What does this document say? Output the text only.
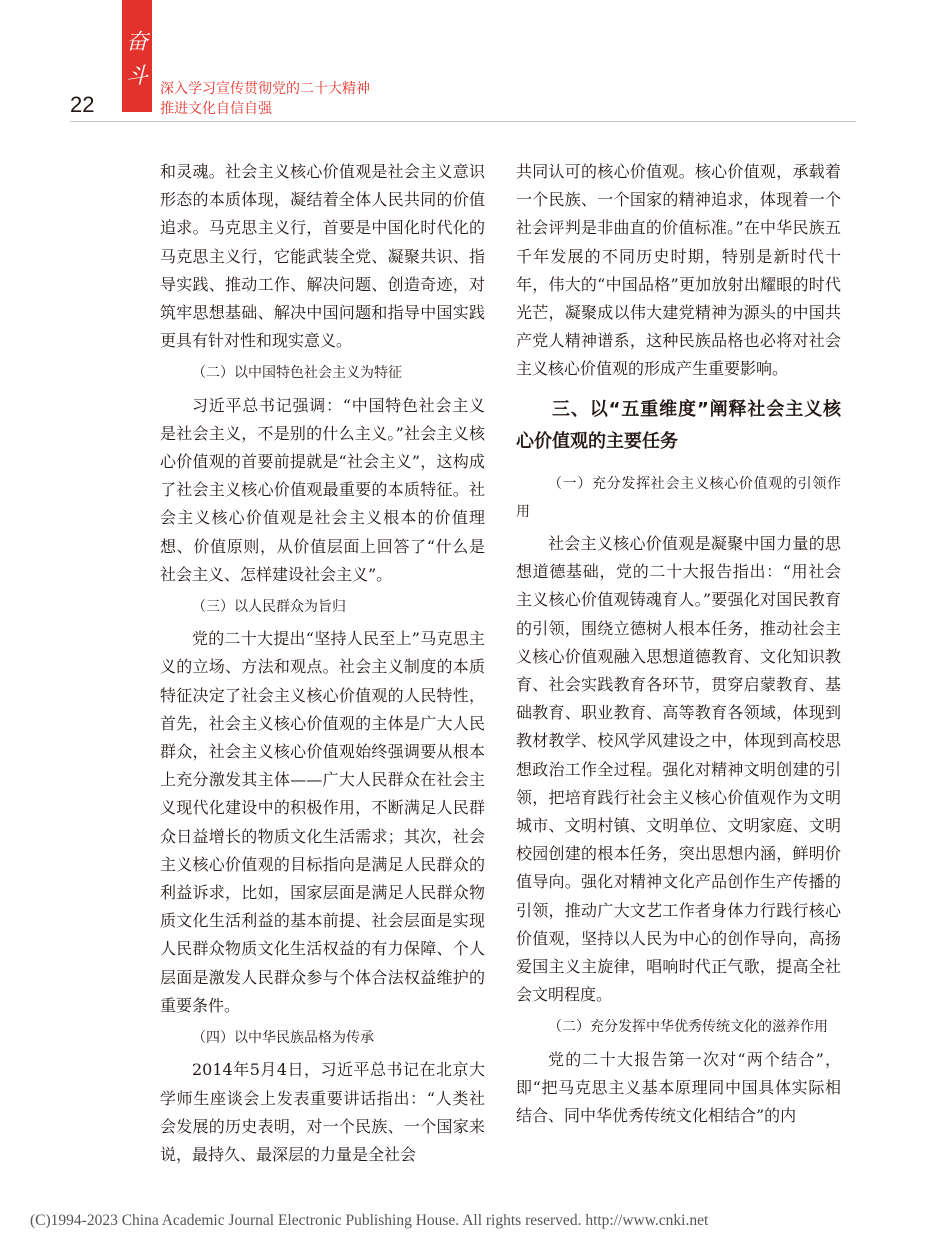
奋
斗
22
深入学习宣传贯彻党的二十大精神
推进文化自信自强

和灵魂。社会主义核心价值观是社会主义意识形态的本质体现，凝结着全体人民共同的价值追求。马克思主义行，首要是中国化时代化的马克思主义行，它能武装全党、凝聚共识、指导实践、推动工作、解决问题、创造奇迹，对筑牢思想基础、解决中国问题和指导中国实践更具有针对性和现实意义。

（二）以中国特色社会主义为特征

习近平总书记强调：“中国特色社会主义是社会主义，不是别的什么主义。”社会主义核心价值观的首要前提就是“社会主义”，这构成了社会主义核心价值观最重要的本质特征。社会主义核心价值观是社会主义根本的价值理想、价值原则，从价值层面上回答了“什么是社会主义、怎样建设社会主义”。

（三）以人民群众为旨归

党的二十大提出“坚持人民至上”马克思主义的立场、方法和观点。社会主义制度的本质特征决定了社会主义核心价值观的人民特性，首先，社会主义核心价值观的主体是广大人民群众，社会主义核心价值观始终强调要从根本上充分激发其主体——广大人民群众在社会主义现代化建设中的积极作用，不断满足人民群众日益增长的物质文化生活需求；其次，社会主义核心价值观的目标指向是满足人民群众的利益诉求，比如，国家层面是满足人民群众物质文化生活利益的基本前提、社会层面是实现人民群众物质文化生活权益的有力保障、个人层面是激发人民群众参与个体合法权益维护的重要条件。

（四）以中华民族品格为传承

2014年5月4日，习近平总书记在北京大学师生座谈会上发表重要讲话指出：“人类社会发展的历史表明，对一个民族、一个国家来说，最持久、最深层的力量是全社会

共同认可的核心价值观。核心价值观，承载着一个民族、一个国家的精神追求，体现着一个社会评判是非曲直的价值标准。”在中华民族五千年发展的不同历史时期，特别是新时代十年，伟大的“中国品格”更加放射出耀眼的时代光芒，凝聚成以伟大建党精神为源头的中国共产党人精神谱系，这种民族品格也必将对社会主义核心价值观的形成产生重要影响。

三、以“五重维度”阐释社会主义核心价值观的主要任务

（一）充分发挥社会主义核心价值观的引领作用

社会主义核心价值观是凝聚中国力量的思想道德基础，党的二十大报告指出：“用社会主义核心价值观铸魂育人。”要强化对国民教育的引领，围绕立德树人根本任务，推动社会主义核心价值观融入思想道德教育、文化知识教育、社会实践教育各环节，贯穿启蒙教育、基础教育、职业教育、高等教育各领域，体现到教材教学、校风学风建设之中，体现到高校思想政治工作全过程。强化对精神文明创建的引领，把培育践行社会主义核心价值观作为文明城市、文明村镇、文明单位、文明家庭、文明校园创建的根本任务，突出思想内涵，鲜明价值导向。强化对精神文化产品创作生产传播的引领，推动广大文艺工作者身体力行践行核心价值观，坚持以人民为中心的创作导向，高扬爱国主义主旋律，唱响时代正气歌，提高全社会文明程度。

（二）充分发挥中华优秀传统文化的滋养作用

党的二十大报告第一次对“两个结合”，即“把马克思主义基本原理同中国具体实际相结合、同中华优秀传统文化相结合”的内

(C)1994-2023 China Academic Journal Electronic Publishing House. All rights reserved. http://www.cnki.net
